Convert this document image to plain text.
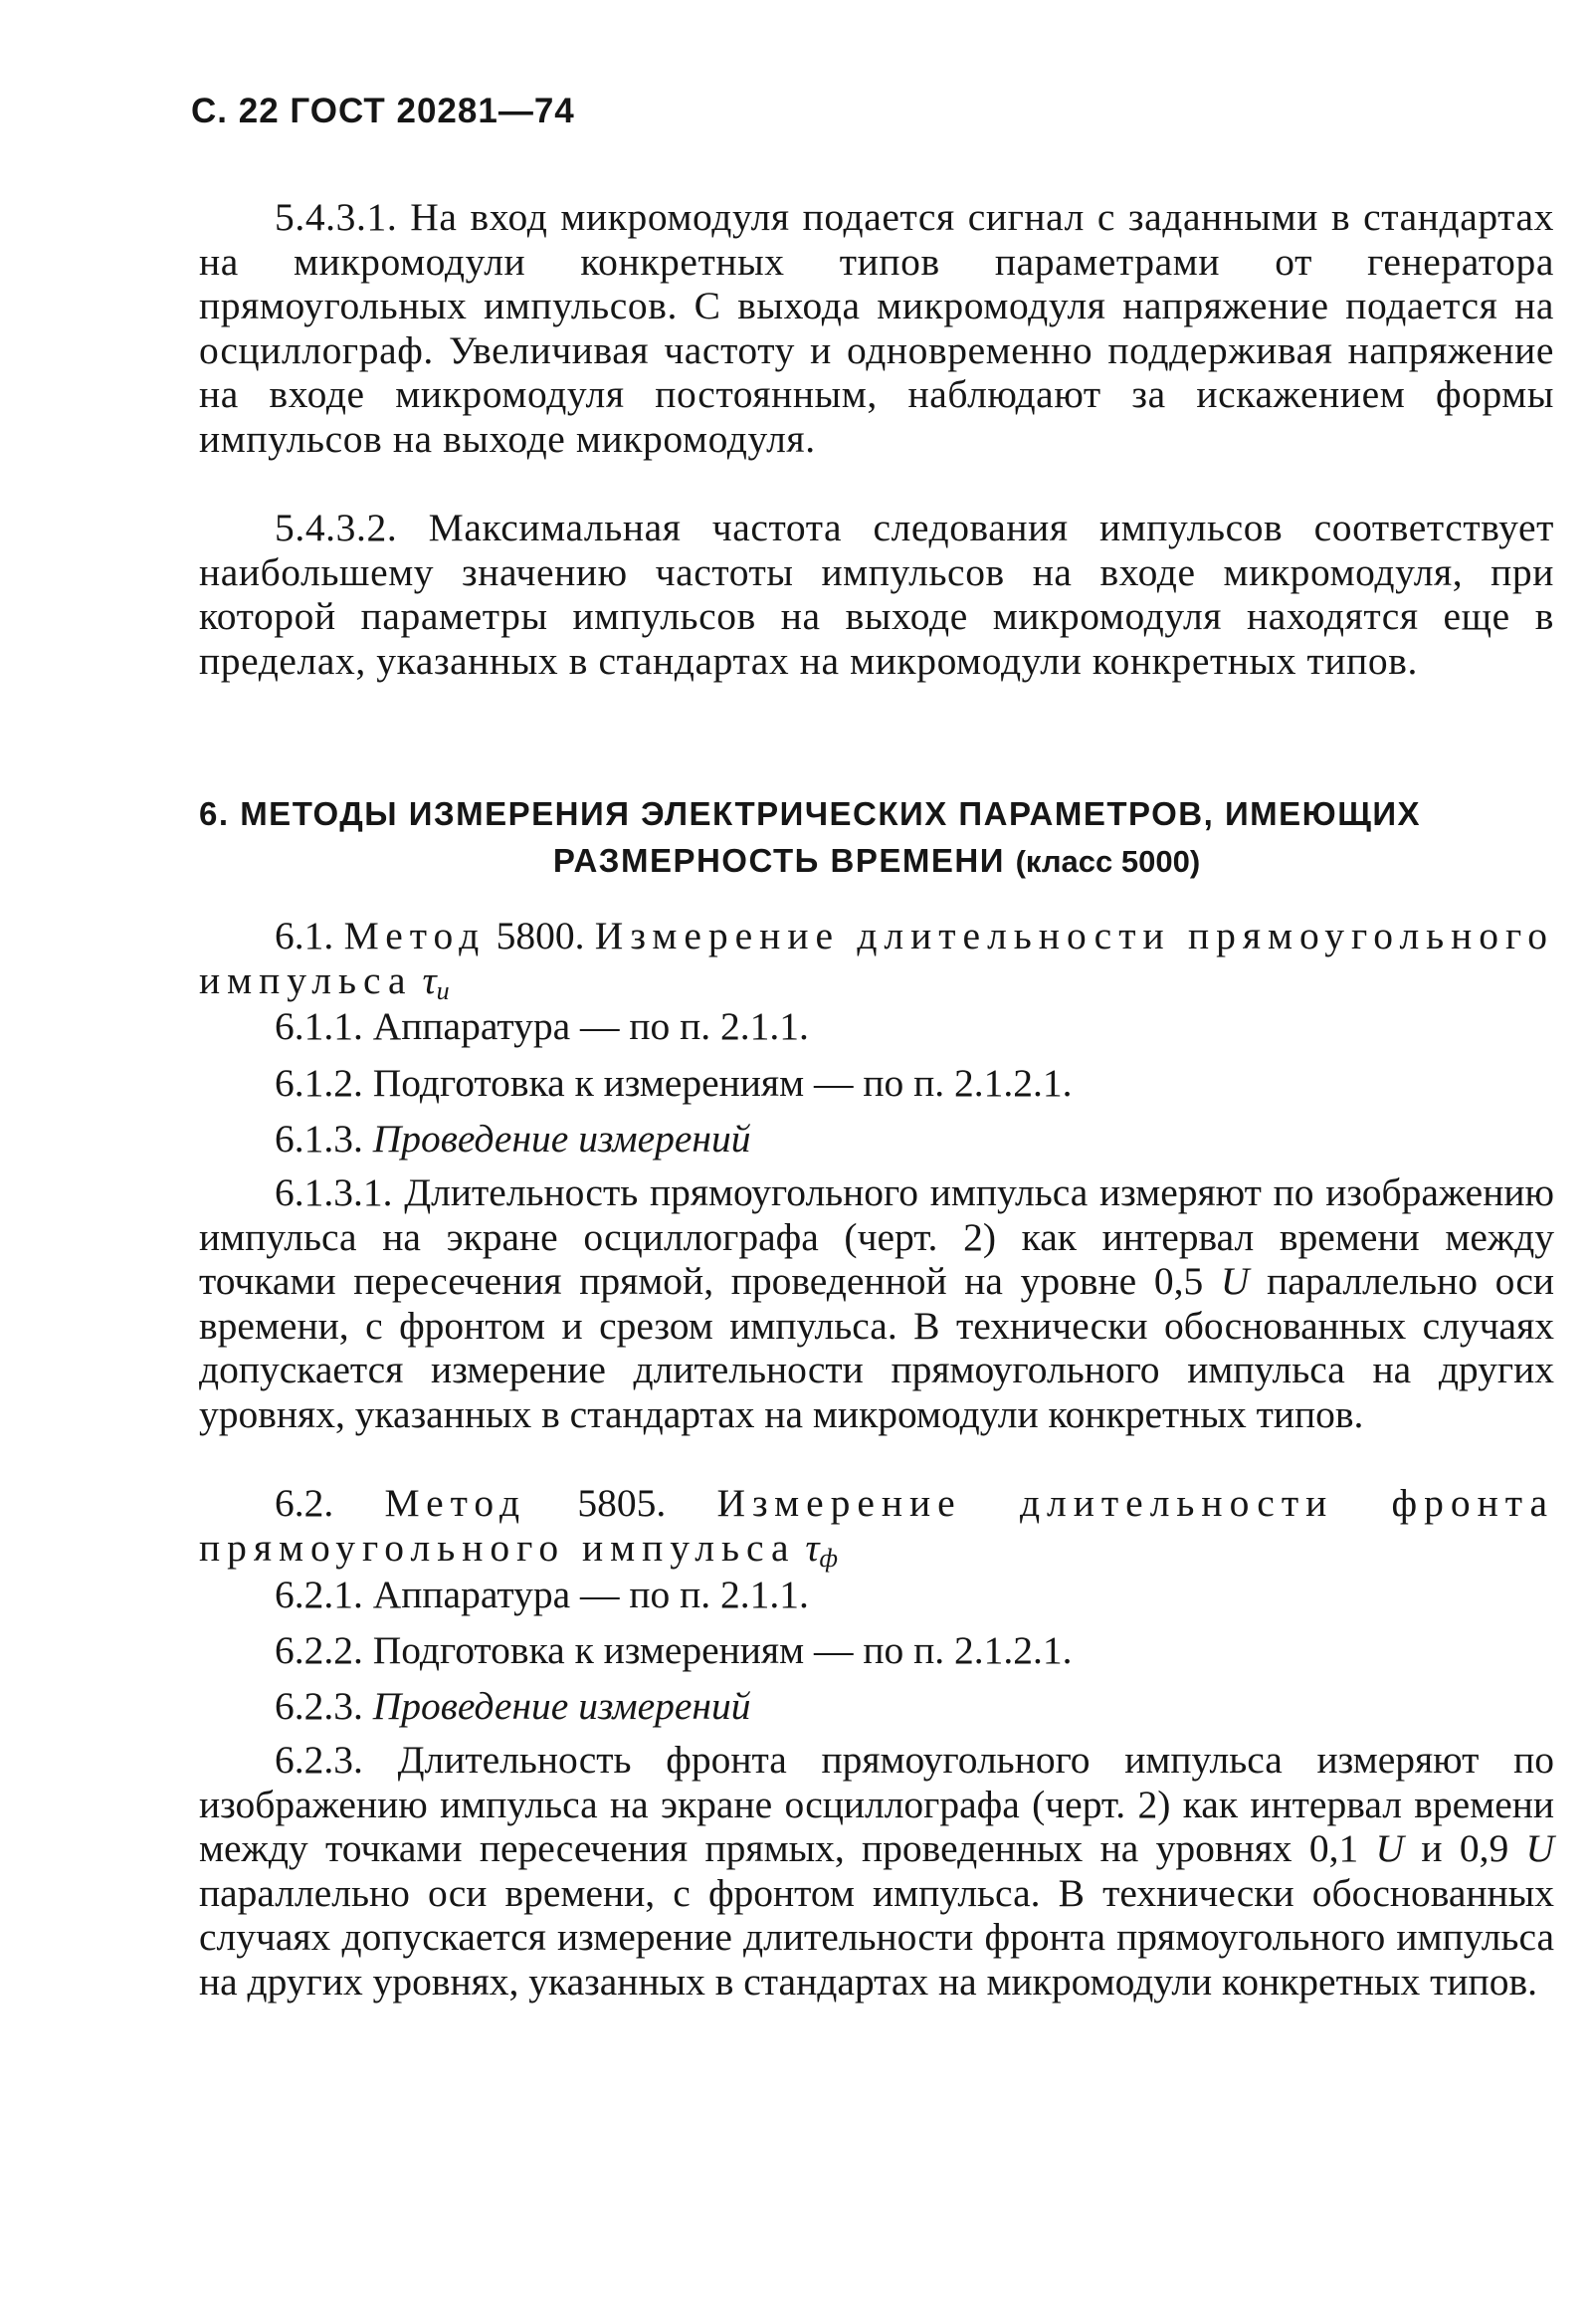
С. 22 ГОСТ 20281—74

5.4.3.1. На вход микромодуля подается сигнал с заданными в стандартах на микромодули конкретных типов параметрами от генератора прямоугольных импульсов. С выхода микромодуля напряжение подается на осциллограф. Увеличивая частоту и одновременно поддерживая напряжение на входе микромодуля постоянным, наблюдают за искажением формы импульсов на выходе микромодуля.

5.4.3.2. Максимальная частота следования импульсов соответствует наибольшему значению частоты импульсов на входе микромодуля, при которой параметры импульсов на выходе микромодуля находятся еще в пределах, указанных в стандартах на микромодули конкретных типов.

6. МЕТОДЫ ИЗМЕРЕНИЯ ЭЛЕКТРИЧЕСКИХ ПАРАМЕТРОВ, ИМЕЮЩИХ
РАЗМЕРНОСТЬ ВРЕМЕНИ (класс 5000)

6.1. Метод 5800. Измерение длительности прямоугольного импульса $\tau_и$

6.1.1. Аппаратура — по п. 2.1.1.
6.1.2. Подготовка к измерениям — по п. 2.1.2.1.
6.1.3. Проведение измерений

6.1.3.1. Длительность прямоугольного импульса измеряют по изображению импульса на экране осциллографа (черт. 2) как интервал времени между точками пересечения прямой, проведенной на уровне 0,5 U параллельно оси времени, с фронтом и срезом импульса. В технически обоснованных случаях допускается измерение длительности прямоугольного импульса на других уровнях, указанных в стандартах на микромодули конкретных типов.

6.2. Метод 5805. Измерение длительности фронта прямоугольного импульса $\tau_ф$

6.2.1. Аппаратура — по п. 2.1.1.
6.2.2. Подготовка к измерениям — по п. 2.1.2.1.
6.2.3. Проведение измерений

6.2.3. Длительность фронта прямоугольного импульса измеряют по изображению импульса на экране осциллографа (черт. 2) как интервал времени между точками пересечения прямых, проведенных на уровнях 0,1 U и 0,9 U параллельно оси времени, с фронтом импульса. В технически обоснованных случаях допускается измерение длительности фронта прямоугольного импульса на других уровнях, указанных в стандартах на микромодули конкретных типов.
